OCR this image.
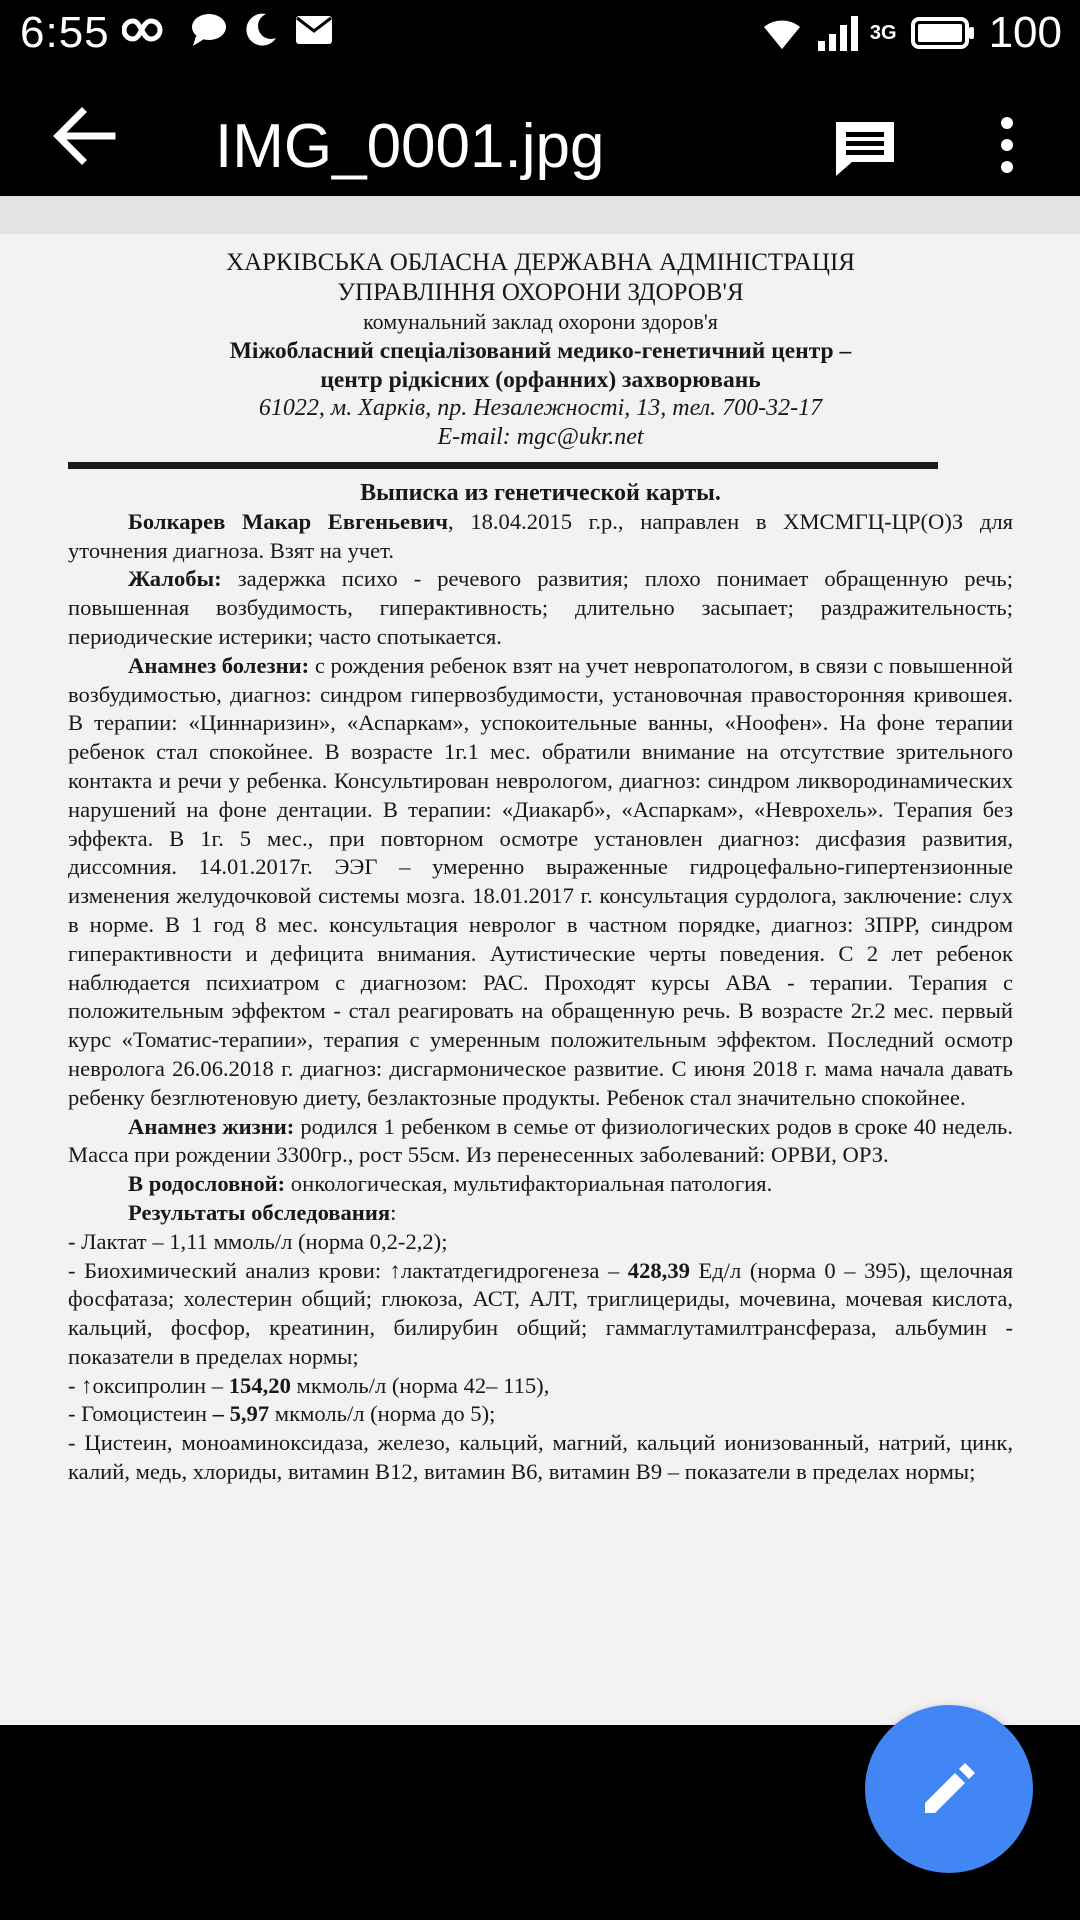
6:55	3G 100
IMG_0001.jpg
ХАРКІВСЬКА ОБЛАСНА ДЕРЖАВНА АДМІНІСТРАЦІЯ
УПРАВЛІННЯ ОХОРОНИ ЗДОРОВ'Я
комунальний заклад охорони здоров'я
Міжобласний спеціалізований медико-генетичний центр –
центр рідкісних (орфанних) захворювань
61022, м. Харків, пр. Незалежності, 13, тел. 700-32-17
E-mail: mgc@ukr.net
Выписка из генетической карты.

Болкарев Макар Евгеньевич, 18.04.2015 г.р., направлен в ХМСМГЦ-ЦР(О)З для уточнения диагноза. Взят на учет.

Жалобы: задержка психо - речевого развития; плохо понимает обращенную речь; повышенная возбудимость, гиперактивность; длительно засыпает; раздражительность; периодические истерики; часто спотыкается.

Анамнез болезни: с рождения ребенок взят на учет невропатологом, в связи с повышенной возбудимостью, диагноз: синдром гипервозбудимости, установочная правосторонняя кривошея. В терапии: «Циннаризин», «Аспаркам», успокоительные ванны, «Ноофен». На фоне терапии ребенок стал спокойнее. В возрасте 1г.1 мес. обратили внимание на отсутствие зрительного контакта и речи у ребенка. Консультирован неврологом, диагноз: синдром ликвородинамических нарушений на фоне дентации. В терапии: «Диакарб», «Аспаркам», «Неврохель». Терапия без эффекта. В 1г. 5 мес., при повторном осмотре установлен диагноз: дисфазия развития, диссомния. 14.01.2017г. ЭЭГ – умеренно выраженные гидроцефально-гипертензионные изменения желудочковой системы мозга. 18.01.2017 г. консультация сурдолога, заключение: слух в норме. В 1 год 8 мес. консультация невролог в частном порядке, диагноз: ЗПРР, синдром гиперактивности и дефицита внимания. Аутистические черты поведения. С 2 лет ребенок наблюдается психиатром с диагнозом: РАС. Проходят курсы АВА - терапии. Терапия с положительным эффектом - стал реагировать на обращенную речь. В возрасте 2г.2 мес. первый курс «Томатис-терапии», терапия с умеренным положительным эффектом. Последний осмотр невролога 26.06.2018 г. диагноз: дисгармоническое развитие. С июня 2018 г. мама начала давать ребенку безглютеновую диету, безлактозные продукты. Ребенок стал значительно спокойнее.

Анамнез жизни: родился 1 ребенком в семье от физиологических родов в сроке 40 недель. Масса при рождении 3300гр., рост 55см. Из перенесенных заболеваний: ОРВИ, ОРЗ.

В родословной: онкологическая, мультифакториальная патология.

Результаты обследования:

- Лактат – 1,11 ммоль/л (норма 0,2-2,2);

- Биохимический анализ крови: ↑лактатдегидрогенеза – 428,39 Ед/л (норма 0 – 395), щелочная фосфатаза; холестерин общий; глюкоза, АСТ, АЛТ, триглицериды, мочевина, мочевая кислота, кальций, фосфор, креатинин, билирубин общий; гаммаглутамилтрансфераза, альбумин - показатели в пределах нормы;

- ↑оксипролин – 154,20 мкмоль/л (норма 42– 115),

- Гомоцистеин – 5,97 мкмоль/л (норма до 5);

- Цистеин, моноаминоксидаза, железо, кальций, магний, кальций ионизованный, натрий, цинк, калий, медь, хлориды, витамин В12, витамин В6, витамин В9 – показатели в пределах нормы;
